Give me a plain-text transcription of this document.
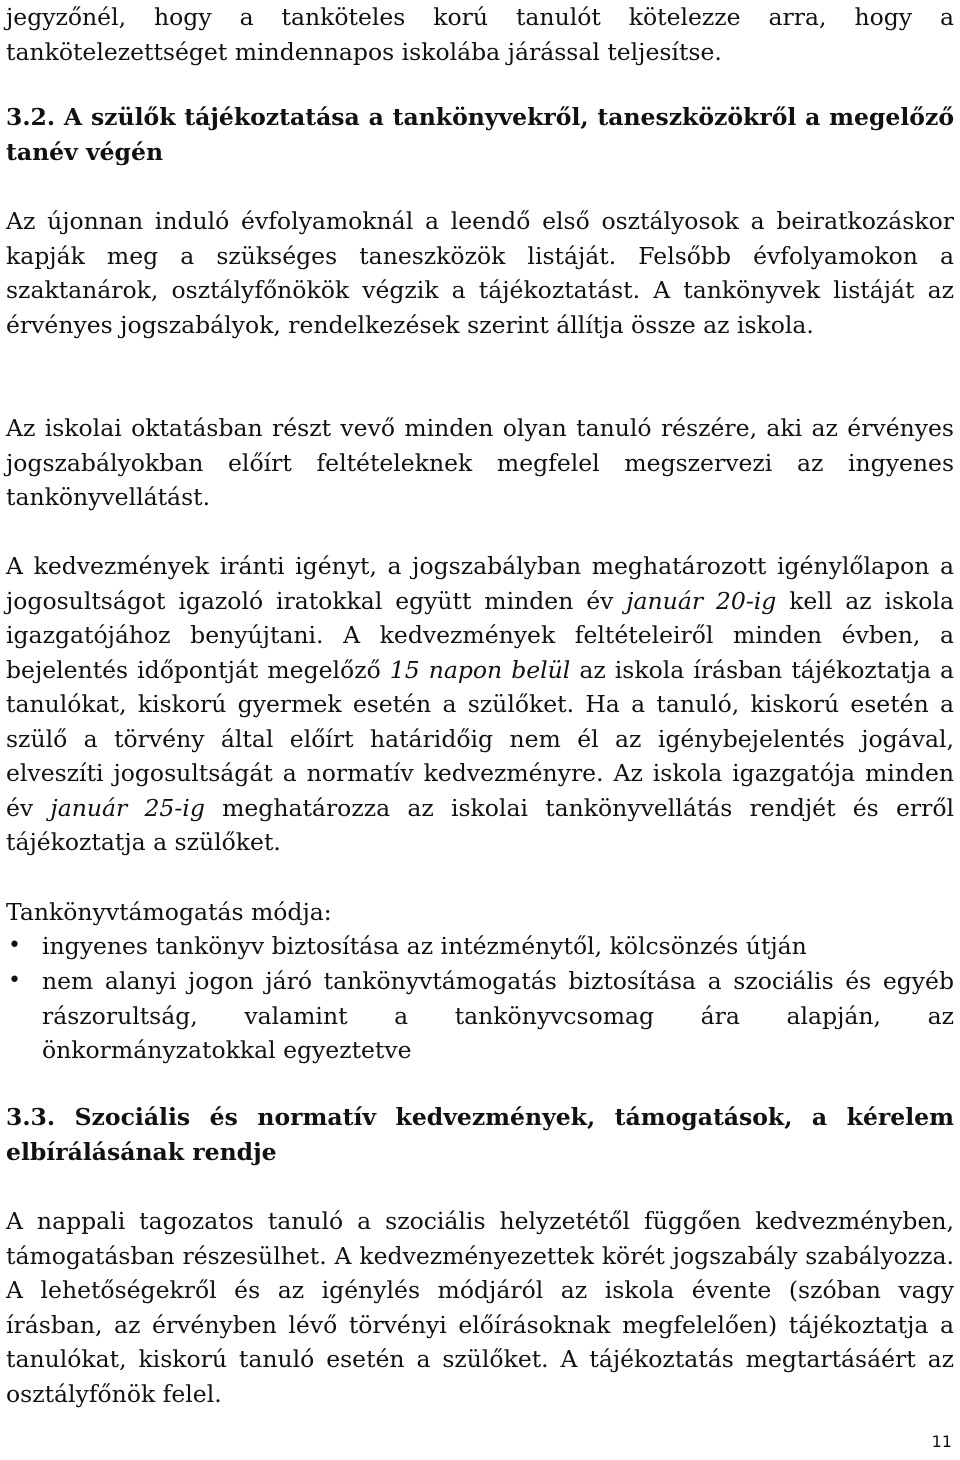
jegyzőnél, hogy a tanköteles korú tanulót kötelezze arra, hogy a tankötelezettséget mindennapos iskolába járással teljesítse.

3.2. A szülők tájékoztatása a tankönyvekről, taneszközökről a megelőző tanév végén

Az újonnan induló évfolyamoknál a leendő első osztályosok a beiratkozáskor kapják meg a szükséges taneszközök listáját. Felsőbb évfolyamokon a szaktanárok, osztályfőnökök végzik a tájékoztatást. A tankönyvek listáját az érvényes jogszabályok, rendelkezések szerint állítja össze az iskola.

Az iskolai oktatásban részt vevő minden olyan tanuló részére, aki az érvényes jogszabályokban előírt feltételeknek megfelel megszervezi az ingyenes tankönyvellátást.

A kedvezmények iránti igényt, a jogszabályban meghatározott igénylőlapon a jogosultságot igazoló iratokkal együtt minden év január 20-ig kell az iskola igazgatójához benyújtani. A kedvezmények feltételeiről minden évben, a bejelentés időpontját megelőző 15 napon belül az iskola írásban tájékoztatja a tanulókat, kiskorú gyermek esetén a szülőket. Ha a tanuló, kiskorú esetén a szülő a törvény által előírt határidőig nem él az igénybejelentés jogával, elveszíti jogosultságát a normatív kedvezményre. Az iskola igazgatója minden év január 25-ig meghatározza az iskolai tankönyvellátás rendjét és erről tájékoztatja a szülőket.

Tankönyvtámogatás módja:

• ingyenes tankönyv biztosítása az intézménytől, kölcsönzés útján

• nem alanyi jogon járó tankönyvtámogatás biztosítása a szociális és egyéb rászorultság, valamint a tankönyvcsomag ára alapján, az önkormányzatokkal egyeztetve

3.3. Szociális és normatív kedvezmények, támogatások, a kérelem elbírálásának rendje

A nappali tagozatos tanuló a szociális helyzetétől függően kedvezményben, támogatásban részesülhet. A kedvezményezettek körét jogszabály szabályozza. A lehetőségekről és az igénylés módjáról az iskola évente (szóban vagy írásban, az érvényben lévő törvényi előírásoknak megfelelően) tájékoztatja a tanulókat, kiskorú tanuló esetén a szülőket. A tájékoztatás megtartásáért az osztályfőnök felel.

11
